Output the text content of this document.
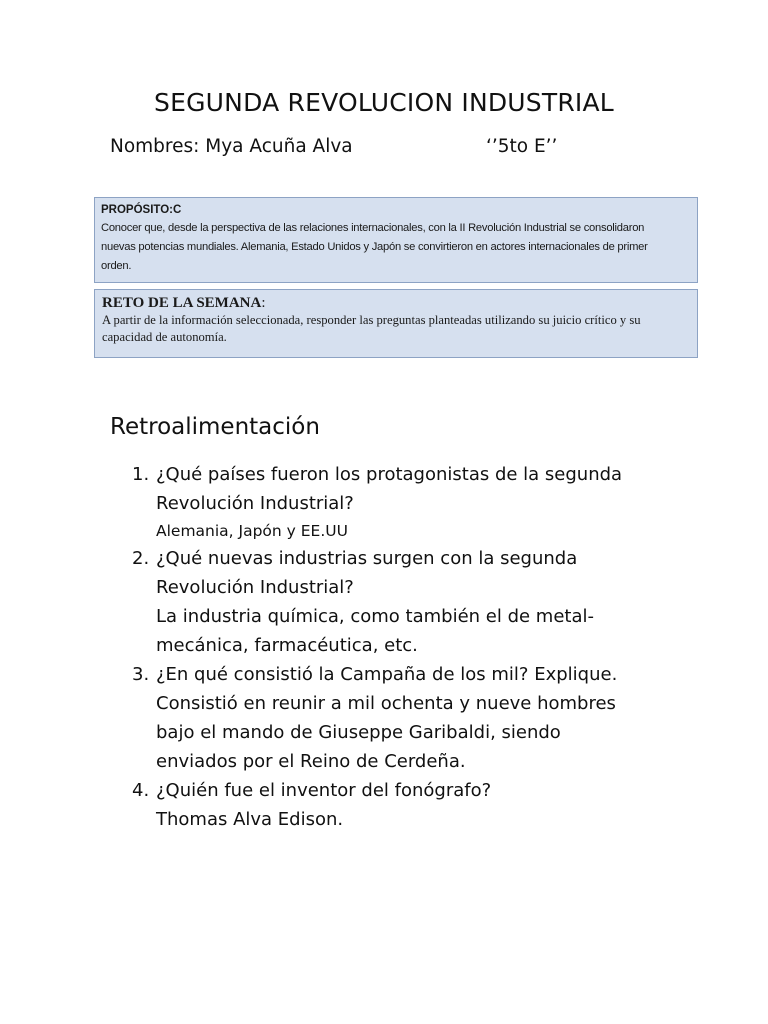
SEGUNDA REVOLUCION INDUSTRIAL
Nombres: Mya Acuña Alva	‘’5to E’’
PROPÓSITO:C
Conocer que, desde la perspectiva de las relaciones internacionales, con la II Revolución Industrial se consolidaron
nuevas potencias mundiales. Alemania, Estado Unidos y Japón se convirtieron en actores internacionales de primer
orden.
RETO DE LA SEMANA:
A partir de la información seleccionada, responder las preguntas planteadas utilizando su juicio crítico y su
capacidad de autonomía.
Retroalimentación
1. ¿Qué países fueron los protagonistas de la segunda
Revolución Industrial?
Alemania, Japón y EE.UU
2. ¿Qué nuevas industrias surgen con la segunda
Revolución Industrial?
La industria química, como también el de metal-
mecánica, farmacéutica, etc.
3. ¿En qué consistió la Campaña de los mil? Explique.
Consistió en reunir a mil ochenta y nueve hombres
bajo el mando de Giuseppe Garibaldi, siendo
enviados por el Reino de Cerdeña.
4. ¿Quién fue el inventor del fonógrafo?
Thomas Alva Edison.
